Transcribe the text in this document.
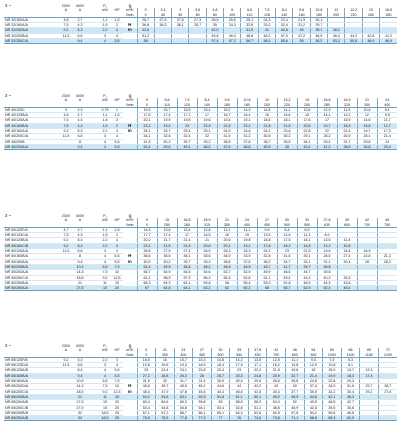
3 ~	230V	400V		P₂		Q															
	A	A		kW	HP	m³/h	0	2,4	3	3,6	4,8	6	6,6	7,5	8,4	9,6	10,8	12	13,2	15	16,8
						l/min	0	40	50	60	80	100	110	125	140	160	180	200	220	250	280
NR 32/160A/A	4,6	2,7		1,1	1,5		28,7	27,9	27,6	27,3	26,5	25,6	25,1	24,3	23,4	21,9	20,1				
NR 32/160A/A	7,5	4,3		1,5	2	H	36,8	36,3	36,1	35,7	35	34,3	33,8	33,2	32,4	31,2	29,7				
NR 32/200A/A	9,2	5,3		2,2	3	m	42,5				42,5		41,5	41	40,8	40	39,1	38,2			
NR 32/200B/A	11,5	6,6		3	4		51,2				49,5	49,4	48,8	48,2	47,9	47,2	46,5	45,4	44,3	42,6	41,2
NR 32/200C/A		9,4		4	5,5		58				57,4	57,2	56,7	56,1	55,6	55	54,2	53,3	50,8	48,9	46,9
3 ~	230V	400V		P₂		Q													
	A	A		kW	HP	m³/h	0	6,6	7,5	8,4	9,6	10,8	12	13,2	15	16,8	18,9	21	24
						l/min	0	110	125	140	160	180	200	220	250	280	315	350	400
NR 40/125C	3	2,3		0,75	1		15,5	15,7	15,5	15,4	15,2	14,9	14,5	14,1	13,6	12,9	11,8	10,6	8,1
NR 40/125B/A	4,6	2,7		1,1	1,5		17,5	17,4	17,2	17	16,7	16,4	16	15,6	15	14,1	13,1	12	9,5
NR 40/125A/A	7,5	4,3		1,5	2		20,1	19,9	19,8	19,6	19,4	19,1	18,5	18,1	17,6	17	15,9	14,6	11,7
NR 40/160B/A	7,5	4,3		1,5	2	H	23,3	23,2	23	22,9	22,5	22,2	21,8	21,5	20,6	19,7	18,4	16,8	12,7
NR 40/160A/A	9,2	5,3		2,2	3	m	26,1	25,7	25,4	25,1	24,9	24,6	24,1	23,6	22,8	22	21,4	19,7	17,3
NR 40/200C/A	11,5	6,6		3	4		34,1	32,8	32,4	32	31,5	31,2	30,8	30,2	29,1	28,2	26,9	25,1	21,4
NR 40/200B		8		4	5,5		41,9	40,3	39,7	39,2	38,5	37,8	36,7	35,5	34,1	33,4	31,7	29,6	24
NR 40/200A/A		9,4		4	5,5		52,4	49,6	49,1	48,5	47,6	46,8	45,9	45	43,2	41,2	38,6	34,8	29,4
3 ~	230V	400V		P₂		Q													
	A	A		kW	HP	m³/h	0	15	16,8	18,9	21	24	27	30	33	37,8	39	42	45
						l/min	0	250	280	315	350	400	450	500	550	630	650	700	750
NR 50/125F/A	4,7	2,7		1,1	1,5		14,9	13,6	13,4	12,8	12,1	11,1	9,9	8,4	6,9				
NR 50/125C/A	7,5	4,3		1,5	2		17,7	17,4	17	16,5	16	15	13,9	12,6	11,3	8,9			
NR 50/125B/A	9,2	5,3		2,2	3		20,2	21,7	21,4	21	20,6	19,8	18,8	17,5	16,1	13,5	11,8		
NR 50/160C/B	9,2	5,3		2,2	3		23,1	21,9	21,4	20,8	20,1	19,1	17,8	16,3	14,8	12,3	10,8		
NR 50/125A/A	11,5	6,6		3	4		28,6	27,9	27,4	26,9	26,3	25,3	24,2	23	21,5	19,6	18,4	16,5	
NR 50/160B/A		8		4	5,5	H	36,6	36,5	36,1	35,6	34,9	33,9	32,8	31,5	30,1	28,5	27,4	24,8	21,3
NR 50/160A/A		9,4		4	5,5	m	40,9	40,2	39,7	39,3	38,6	37,5	36,2	34,7	33,1	31,1	30,4	28	26,3
NR 50/200B/A		10,9		5,5	7,5		51,4	49,9	48,4	48,2	46,5	45,9	43,7	41,7	39,7	36,8			
NR 50/200A/A		14,3		7,5	10		56,7	54,9	54,5	54,6	53,7	52,9	49,9	46,5	44,7	39,8			
NR 50/250C/A		18,5		9,2	12,5		61,2	58,9	57,9	56,3	55,3	52,8	51,1	49,4	44,3	40,3	39,4		
NR 50/250B/A		21		11	15		66,3	64,3	62,1	59,8	58	55,4	53,9	51,8	46,9	44,3	43,8		
NR 50/250A/A		27,5		15	20		67	64,6	64,1	63,2	62	60,2	58	55,7	52,9	50,4	48,4		
3 ~	230V	400V		P₂		Q														
	A	A		kW	HP	m³/h	0	21	24	27	30	33	37,8	42	48	54	60	66	69	72
						l/min	0	350	400	450	500	550	630	700	800	900	1000	1100	1150	1200
NR 65/125F/B	9,2	5,3		2,2	3		16,5	16	15,7	15,3	14,8	14,3	13,5	12,5	11,1	9,5	7,5	5,3		
NR 65/125D/A	11,5	6,6		3	4		19,8	19,6	19,3	18,9	18,4	17,9	17,1	16,2	14,8	12,9	10,8	8,1		
NR 65/125A/B		8,4		4	5,5		25	24,4	24,1	23,8	23,4	23	22,3	21,5	19,8	18	15,9	13,7	12,4	
NR 65/160B/A		9,4		4	5,5		27,2	26,8	26,3	26	25,7	25,3	24,8	23,9	22,7	21,4	19,9	18,3	17,4	
NR 65/160A/A		10,9		5,5	7,5		31,9	32	31,7	31,4	30,9	30,4	29,5	28,6	26,8	24,8	22,8	20,3		
NR 65/200D/A		14,3		7,5	10	H	45,8	45,7	45,5	45,1	44,6	44	43,2	42	40	37,4	34,9	31,6	29,7	28,7
NR 65/200C/A		18,5		9,2	12,5	m	48,4	47,9	47,8	46,5	44,4	45,8	42,5	40,3	37,7	35,5	32,2	30,4	29,2	27,6
NR 65/200B/A		21		11	15		54,2	53,6	53,1	52,5	51,8	51,1	50,1	49,2	46,9	44,6	42,1	38,3		
NR 65/200A/B		27,5		15	20		60,4	60,6	60,3	59,8	59	58,5	56,3	54,3	52	49,5	46,5	42,7		
NR 65/250C/B		27,5		15	20		54,4	54,8	54,8	54,1	53,4	52,6	51,1	48,6	45,9	42,8	39,5	35,6		
NR 65/250B/B		32		18,5	25		67,1	67,2	66,7	66,1	65,1	64,3	62,6	60,5	57,6	54,2	50,6	46,5		
NR 65/250A/B		34		18,5	25		78,5	75,5	77,8	77,3	77	76	74,6	73,6	71,1	68,8	65,3	60,5		
